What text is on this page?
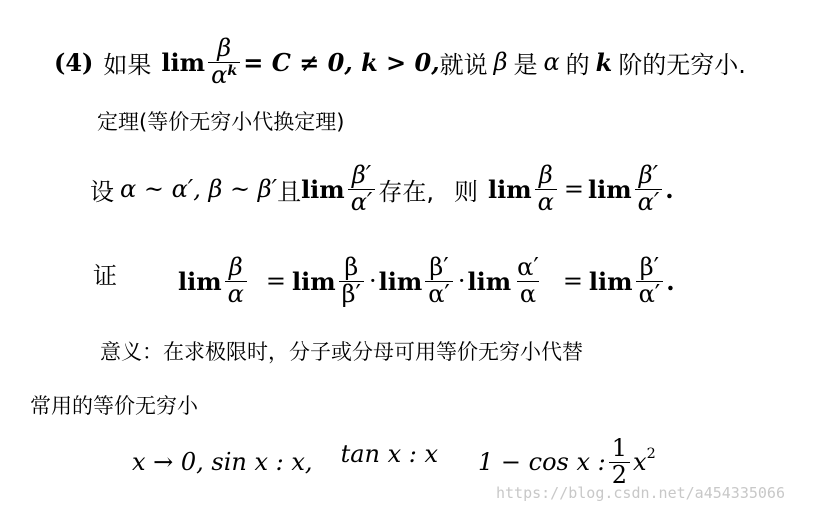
(4) 如果 $\lim \frac{\beta}{\alpha^k} = C \ne 0$, k > 0, 就说 β 是 α 的 k 阶的无穷小.
定理(等价无穷小代换定理)
设 α ~ α′, β ~ β′ 且 $\lim \frac{\beta'}{\alpha'}$ 存在, 则 $\lim \frac{\beta}{\alpha} = \lim \frac{\beta'}{\alpha'}$ .
证	$\lim \frac{\beta}{\alpha} = \lim \frac{\beta}{\beta'} \cdot \lim \frac{\beta'}{\alpha'} \cdot \lim \frac{\alpha'}{\alpha} = \lim \frac{\beta'}{\alpha'}$ .
意义：在求极限时，分子或分母可用等价无穷小代替
常用的等价无穷小
x → 0, sin x : x, tan x : x 1 − cos x : $\frac{1}{2}$ x 2
https://blog.csdn.net/a454335066
